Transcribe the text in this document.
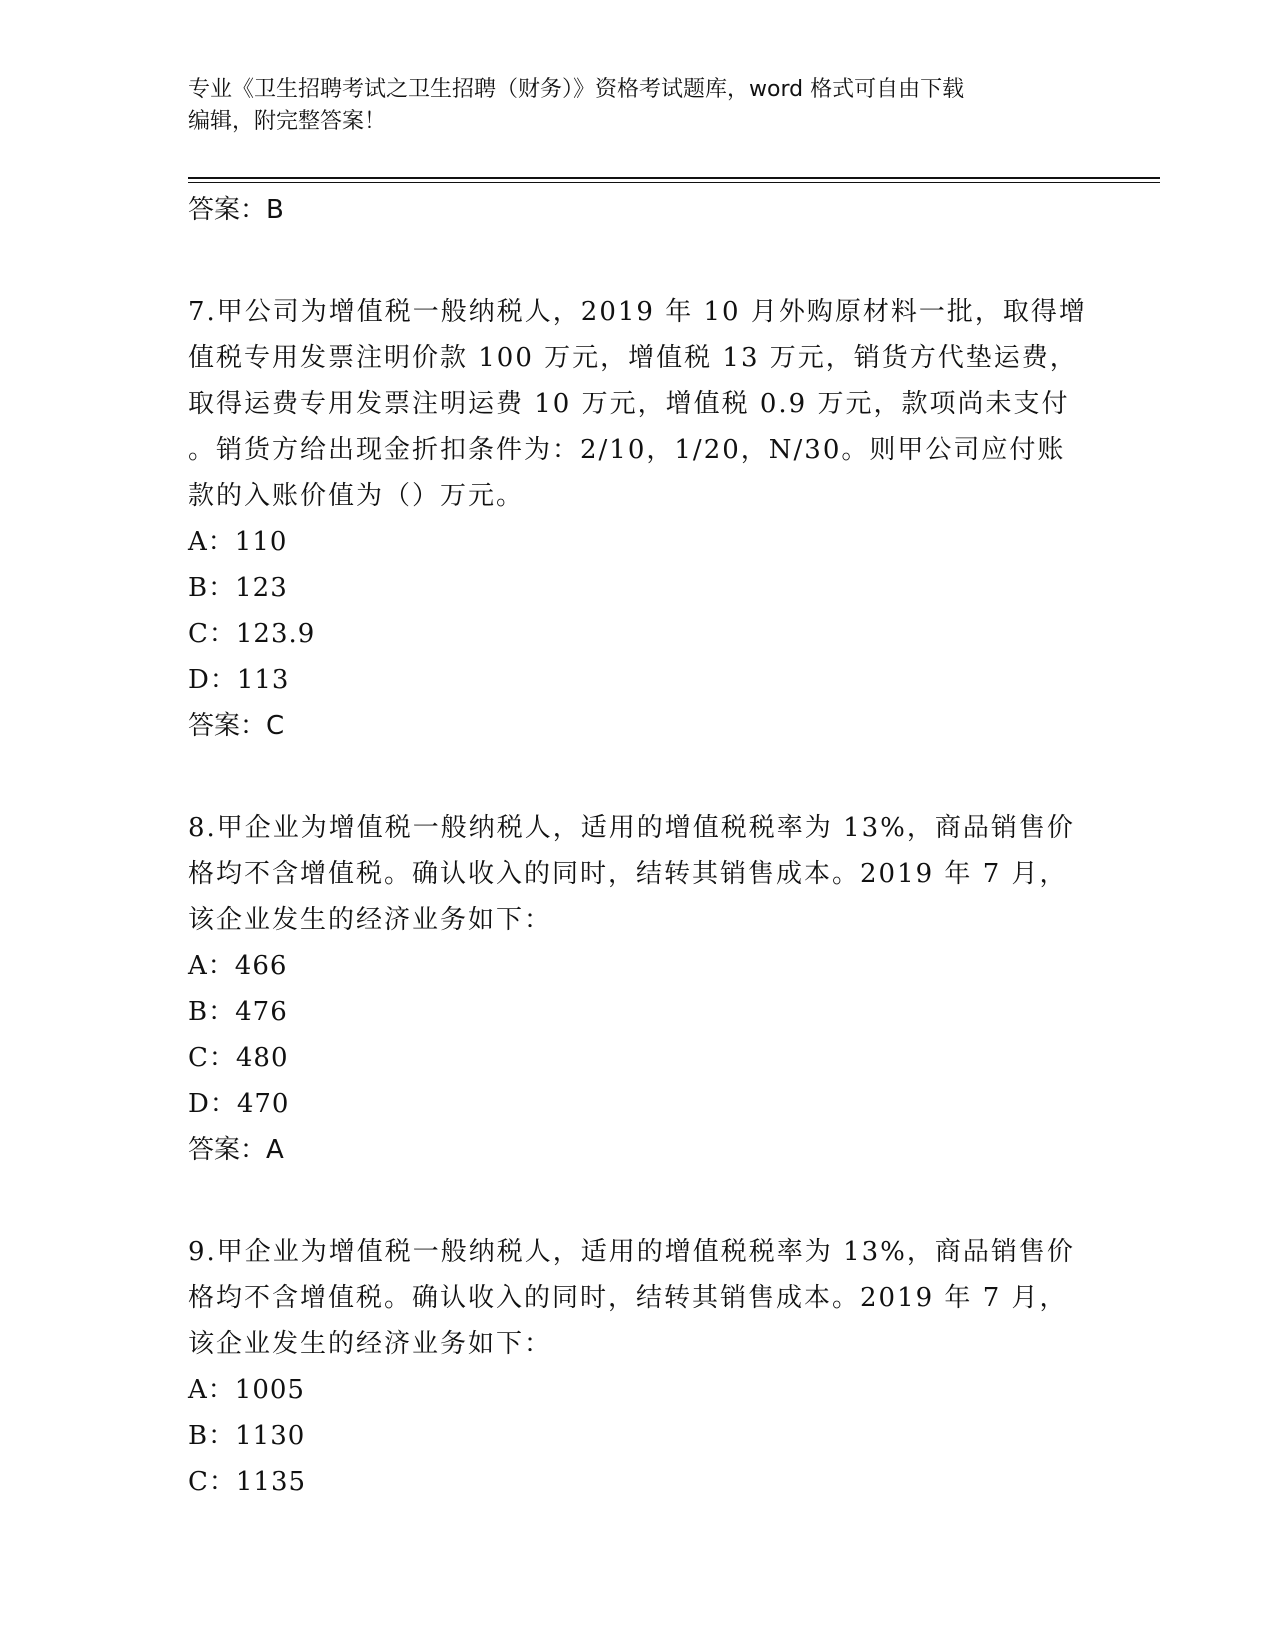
专业《卫生招聘考试之卫生招聘（财务）》资格考试题库，word 格式可自由下载
编辑，附完整答案！
答案：B
7.甲公司为增值税一般纳税人，2019 年 10 月外购原材料一批，取得增
值税专用发票注明价款 100 万元，增值税 13 万元，销货方代垫运费，
取得运费专用发票注明运费 10 万元，增值税 0.9 万元，款项尚未支付
。销货方给出现金折扣条件为：2/10，1/20，N/30。则甲公司应付账
款的入账价值为（）万元。
A：110
B：123
C：123.9
D：113
答案：C
8.甲企业为增值税一般纳税人，适用的增值税税率为 13%，商品销售价
格均不含增值税。确认收入的同时，结转其销售成本。2019 年 7 月，
该企业发生的经济业务如下：
A：466
B：476
C：480
D：470
答案：A
9.甲企业为增值税一般纳税人，适用的增值税税率为 13%，商品销售价
格均不含增值税。确认收入的同时，结转其销售成本。2019 年 7 月，
该企业发生的经济业务如下：
A：1005
B：1130
C：1135
